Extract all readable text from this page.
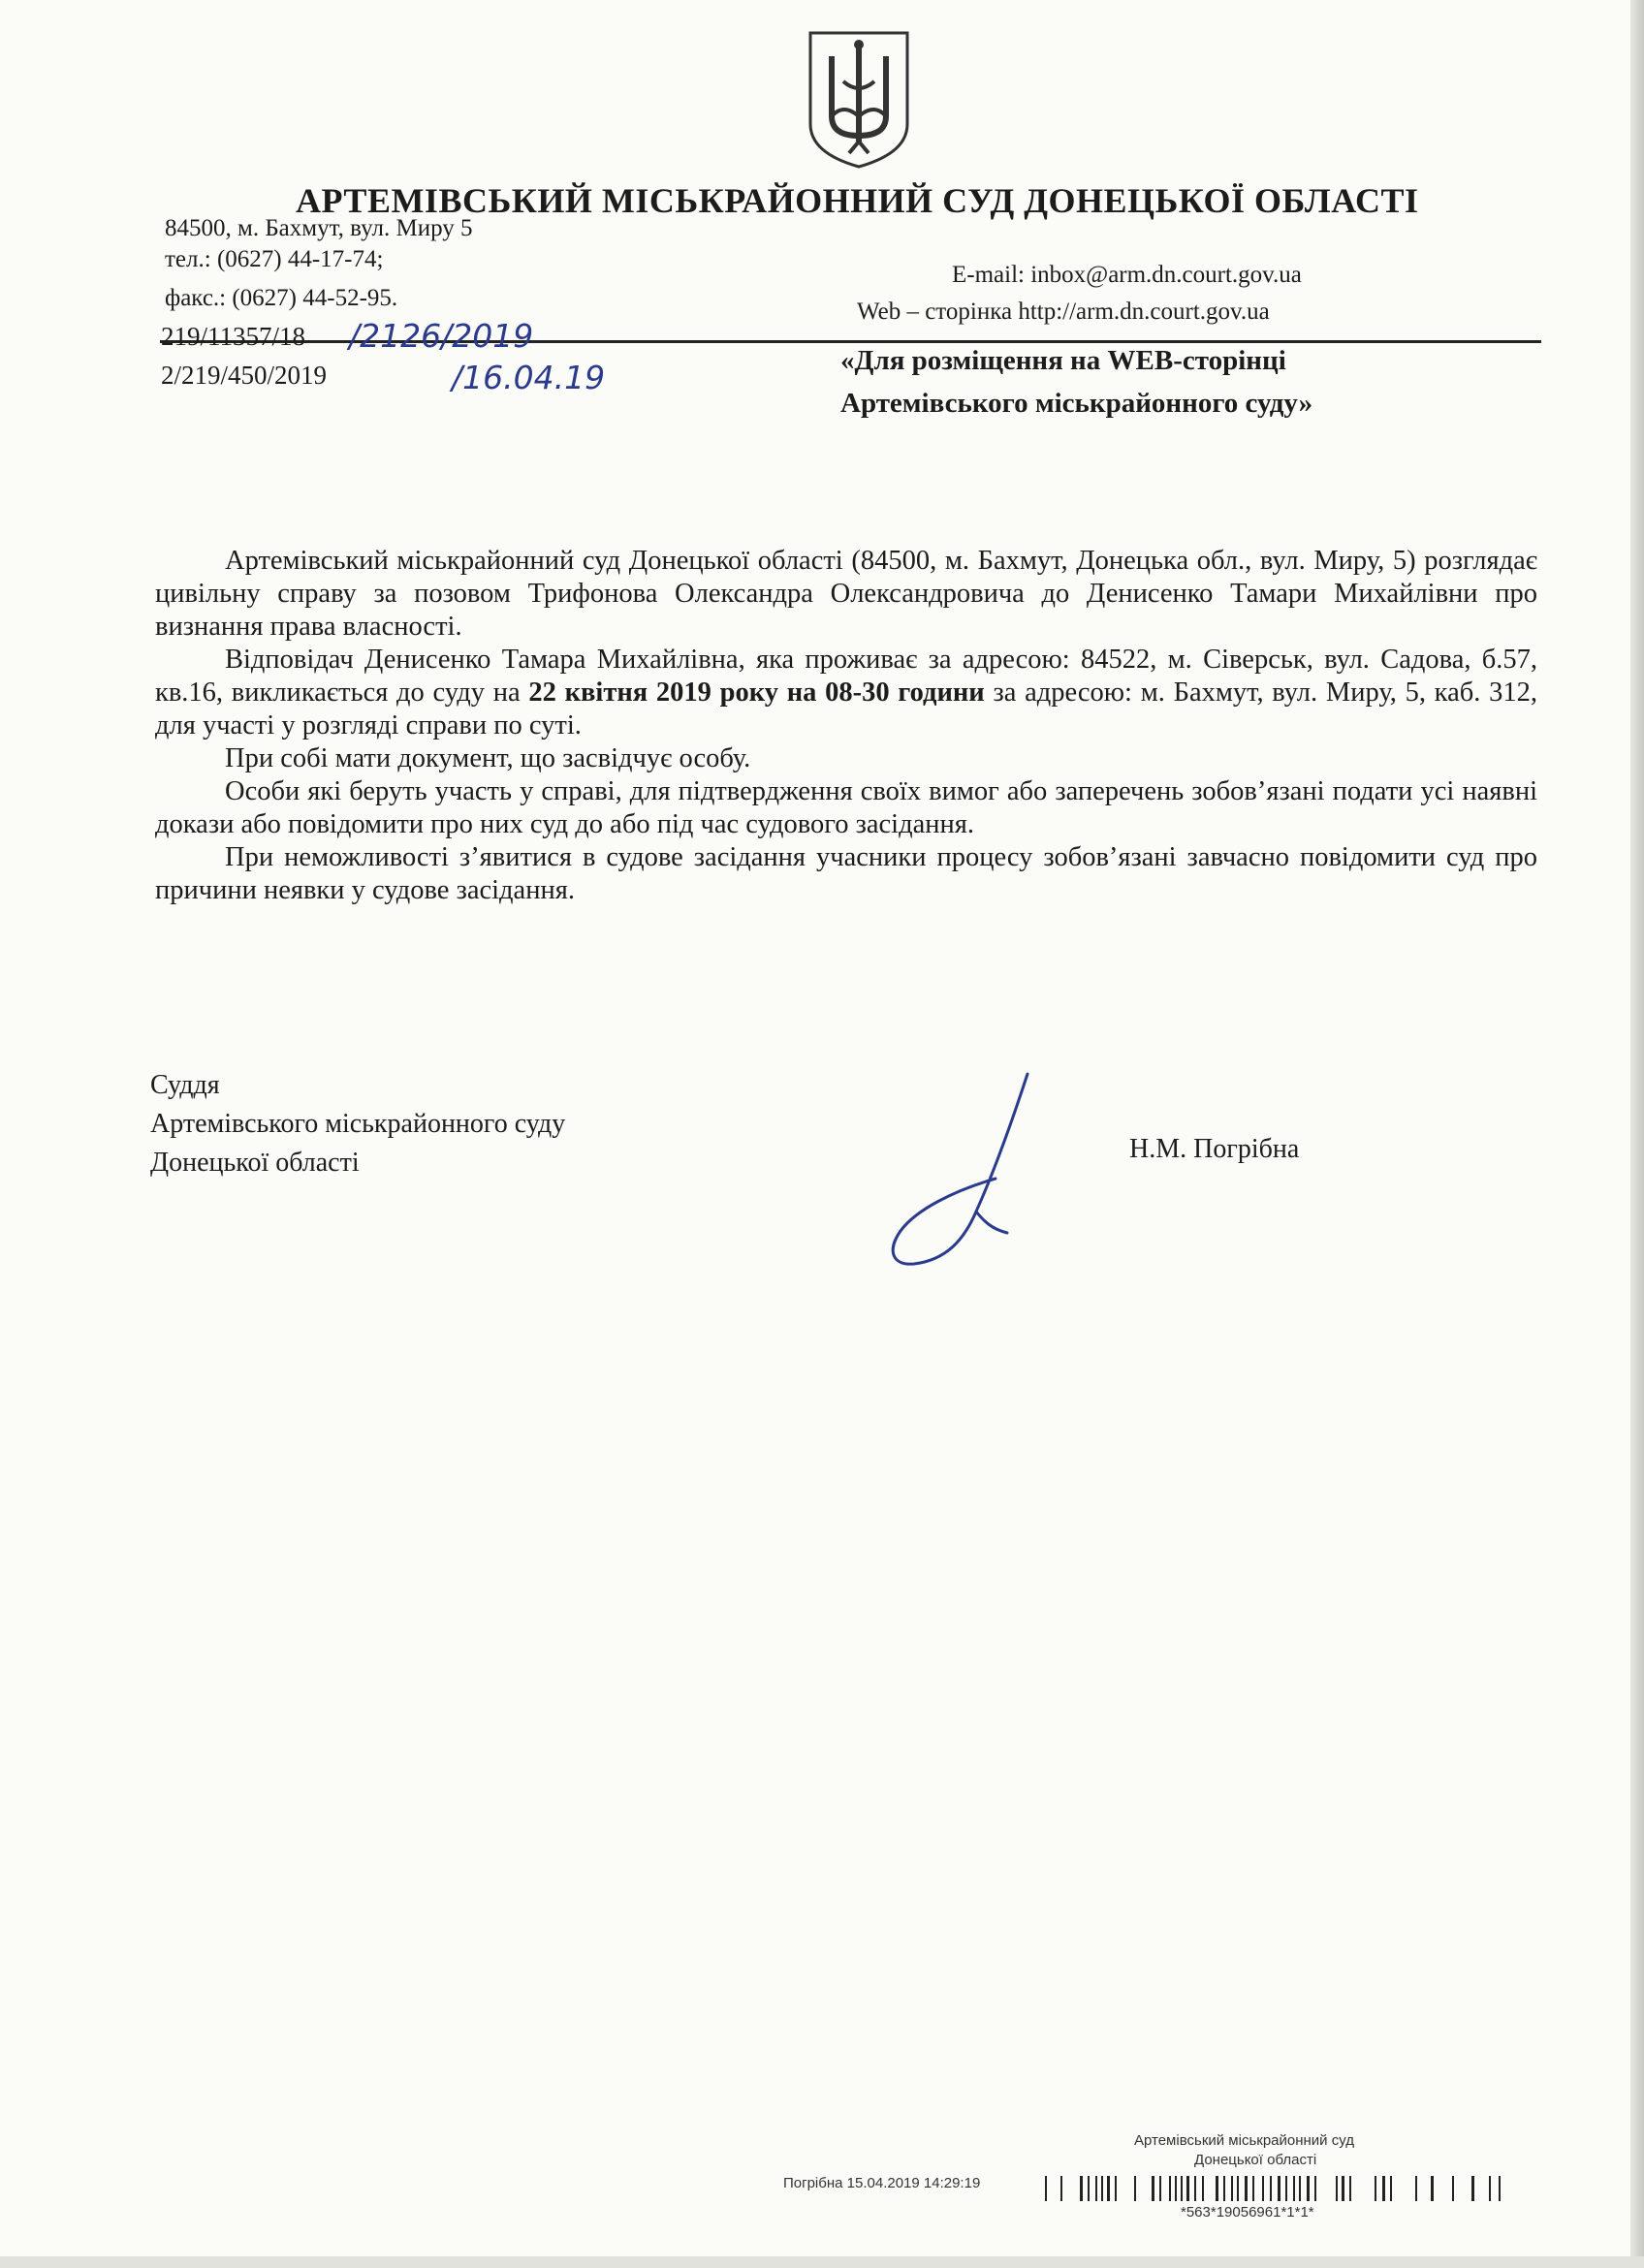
АРТЕМІВСЬКИЙ МІСЬКРАЙОННИЙ СУД ДОНЕЦЬКОЇ ОБЛАСТІ
84500, м. Бахмут, вул. Миру 5
тел.: (0627) 44-17-74;
факс.: (0627) 44-52-95.
E-mail: inbox@arm.dn.court.gov.ua
Web – сторінка http://arm.dn.court.gov.ua
219/11357/18
2/219/450/2019
/2126/2019
/16.04.19	«Для розміщення на WEB-сторінці
Артемівського міськрайонного суду»

Артемівський міськрайонний суд Донецької області (84500, м. Бахмут, Донецька обл., вул. Миру, 5) розглядає цивільну справу за позовом Трифонова Олександра Олександровича до Денисенко Тамари Михайлівни про визнання права власності.

Відповідач Денисенко Тамара Михайлівна, яка проживає за адресою: 84522, м. Сіверськ, вул. Садова, б.57, кв.16, викликається до суду на 22 квітня 2019 року на 08-30 години за адресою: м. Бахмут, вул. Миру, 5, каб. 312, для участі у розгляді справи по суті.

При собі мати документ, що засвідчує особу.

Особи які беруть участь у справі, для підтвердження своїх вимог або заперечень зобов’язані подати усі наявні докази або повідомити про них суд до або під час судового засідання.

При неможливості з’явитися в судове засідання учасники процесу зобов’язані завчасно повідомити суд про причини неявки у судове засідання.

Суддя
Артемівського міськрайонного суду
Донецької області	Н.М. Погрібна
Артемівський міськрайонний суд
Донецької області
Погрібна 15.04.2019 14:29:19
*563*19056961*1*1*
